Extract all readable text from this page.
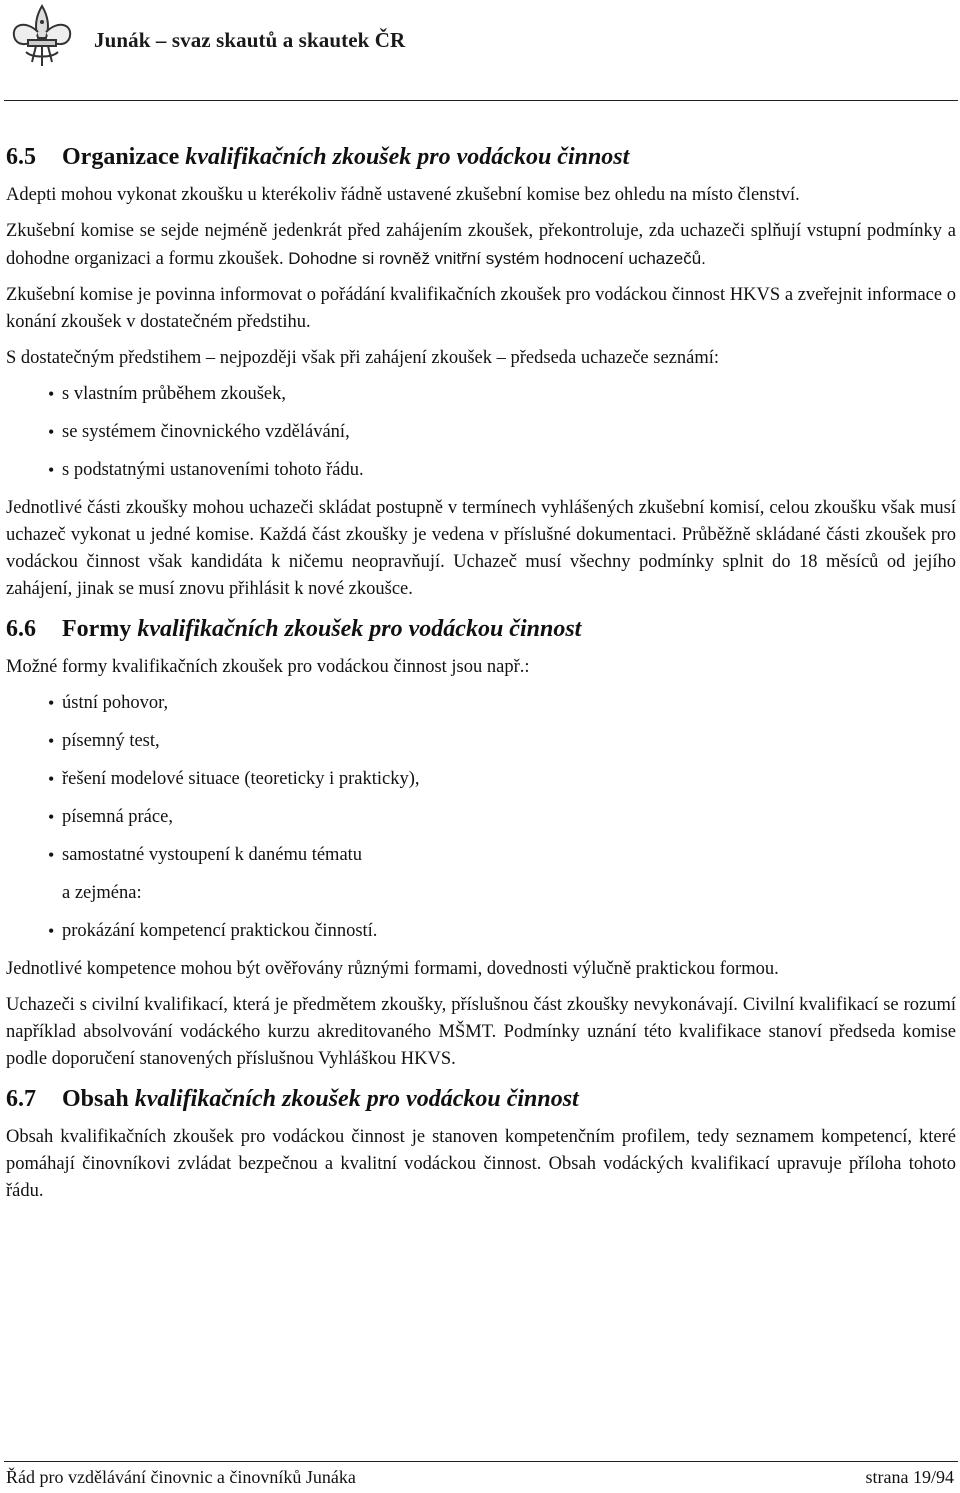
Junák – svaz skautů a skautek ČR
6.5 Organizace kvalifikačních zkoušek pro vodáckou činnost

Adepti mohou vykonat zkoušku u kterékoliv řádně ustavené zkušební komise bez ohledu na místo členství.

Zkušební komise se sejde nejméně jedenkrát před zahájením zkoušek, překontroluje, zda uchazeči splňují vstupní podmínky a dohodne organizaci a formu zkoušek. Dohodne si rovněž vnitřní systém hodnocení uchazečů.

Zkušební komise je povinna informovat o pořádání kvalifikačních zkoušek pro vodáckou činnost HKVS a zveřejnit informace o konání zkoušek v dostatečném předstihu.

S dostatečným předstihem – nejpozději však při zahájení zkoušek – předseda uchazeče seznámí:

• s vlastním průběhem zkoušek,
• se systémem činovnického vzdělávání,
• s podstatnými ustanoveními tohoto řádu.

Jednotlivé části zkoušky mohou uchazeči skládat postupně v termínech vyhlášených zkušební komisí, celou zkoušku však musí uchazeč vykonat u jedné komise. Každá část zkoušky je vedena v příslušné dokumentaci. Průběžně skládané části zkoušek pro vodáckou činnost však kandidáta k ničemu neopravňují. Uchazeč musí všechny podmínky splnit do 18 měsíců od jejího zahájení, jinak se musí znovu přihlásit k nové zkoušce.

6.6 Formy kvalifikačních zkoušek pro vodáckou činnost

Možné formy kvalifikačních zkoušek pro vodáckou činnost jsou např.:

• ústní pohovor,
• písemný test,
• řešení modelové situace (teoreticky i prakticky),
• písemná práce,
• samostatné vystoupení k danému tématu
a zejména:
• prokázání kompetencí praktickou činností.

Jednotlivé kompetence mohou být ověřovány různými formami, dovednosti výlučně praktickou formou.

Uchazeči s civilní kvalifikací, která je předmětem zkoušky, příslušnou část zkoušky nevykonávají. Civilní kvalifikací se rozumí například absolvování vodáckého kurzu akreditovaného MŠMT. Podmínky uznání této kvalifikace stanoví předseda komise podle doporučení stanovených příslušnou Vyhláškou HKVS.

6.7 Obsah kvalifikačních zkoušek pro vodáckou činnost

Obsah kvalifikačních zkoušek pro vodáckou činnost je stanoven kompetenčním profilem, tedy seznamem kompetencí, které pomáhají činovníkovi zvládat bezpečnou a kvalitní vodáckou činnost. Obsah vodáckých kvalifikací upravuje příloha tohoto řádu.

Řád pro vzdělávání činovnic a činovníků Junáka	strana 19/94
